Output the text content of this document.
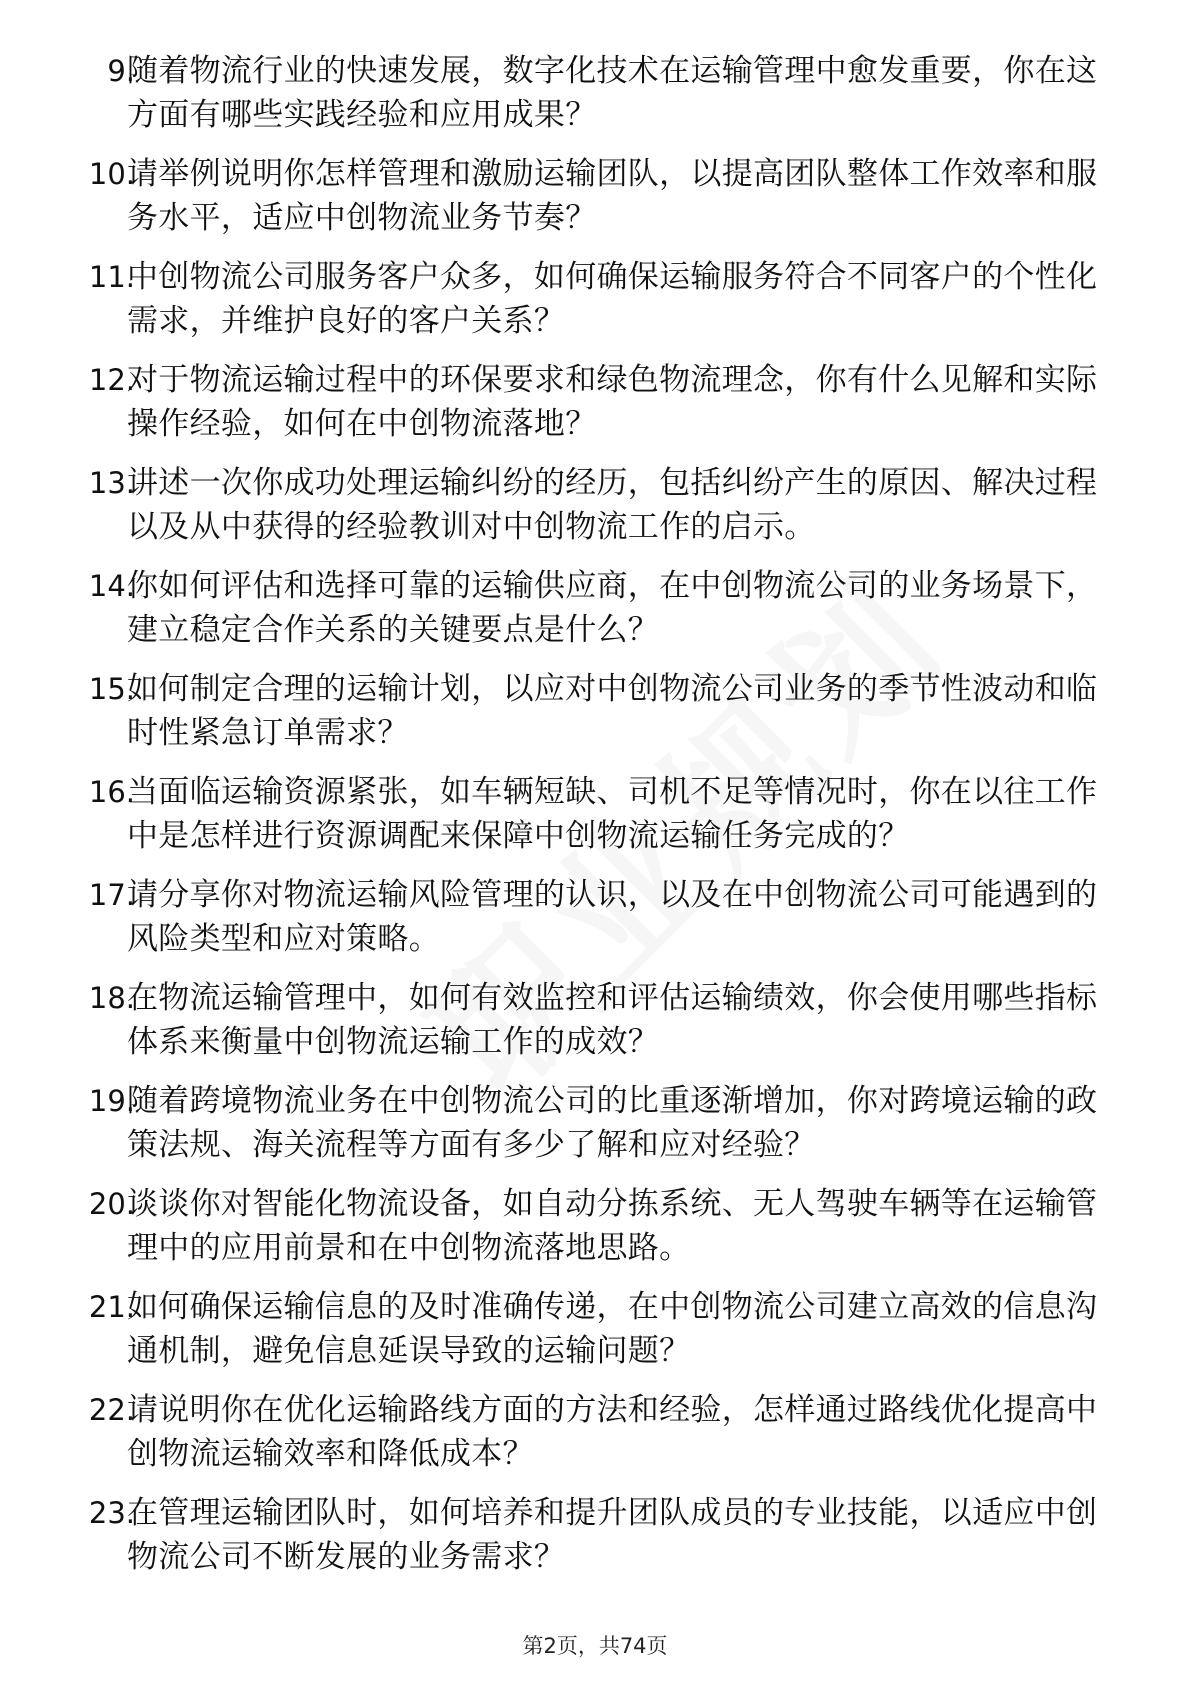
9.
随着物流行业的快速发展，数字化技术在运输管理中愈发重要，你在这方面有哪些实践经验和应用成果？
10.
请举例说明你怎样管理和激励运输团队，以提高团队整体工作效率和服务水平，适应中创物流业务节奏？
11.
中创物流公司服务客户众多，如何确保运输服务符合不同客户的个性化需求，并维护良好的客户关系？
12.
对于物流运输过程中的环保要求和绿色物流理念，你有什么见解和实际操作经验，如何在中创物流落地？
13.
讲述一次你成功处理运输纠纷的经历，包括纠纷产生的原因、解决过程以及从中获得的经验教训对中创物流工作的启示。
14.
你如何评估和选择可靠的运输供应商，在中创物流公司的业务场景下，建立稳定合作关系的关键要点是什么？
15.
如何制定合理的运输计划，以应对中创物流公司业务的季节性波动和临时性紧急订单需求？
16.
当面临运输资源紧张，如车辆短缺、司机不足等情况时，你在以往工作中是怎样进行资源调配来保障中创物流运输任务完成的？
17.
请分享你对物流运输风险管理的认识，以及在中创物流公司可能遇到的风险类型和应对策略。
18.
在物流运输管理中，如何有效监控和评估运输绩效，你会使用哪些指标体系来衡量中创物流运输工作的成效？
19.
随着跨境物流业务在中创物流公司的比重逐渐增加，你对跨境运输的政策法规、海关流程等方面有多少了解和应对经验？
20.
谈谈你对智能化物流设备，如自动分拣系统、无人驾驶车辆等在运输管理中的应用前景和在中创物流落地思路。
21.
如何确保运输信息的及时准确传递，在中创物流公司建立高效的信息沟通机制，避免信息延误导致的运输问题？
22.
请说明你在优化运输路线方面的方法和经验，怎样通过路线优化提高中创物流运输效率和降低成本？
23.
在管理运输团队时，如何培养和提升团队成员的专业技能，以适应中创物流公司不断发展的业务需求？
第2页，共74页
